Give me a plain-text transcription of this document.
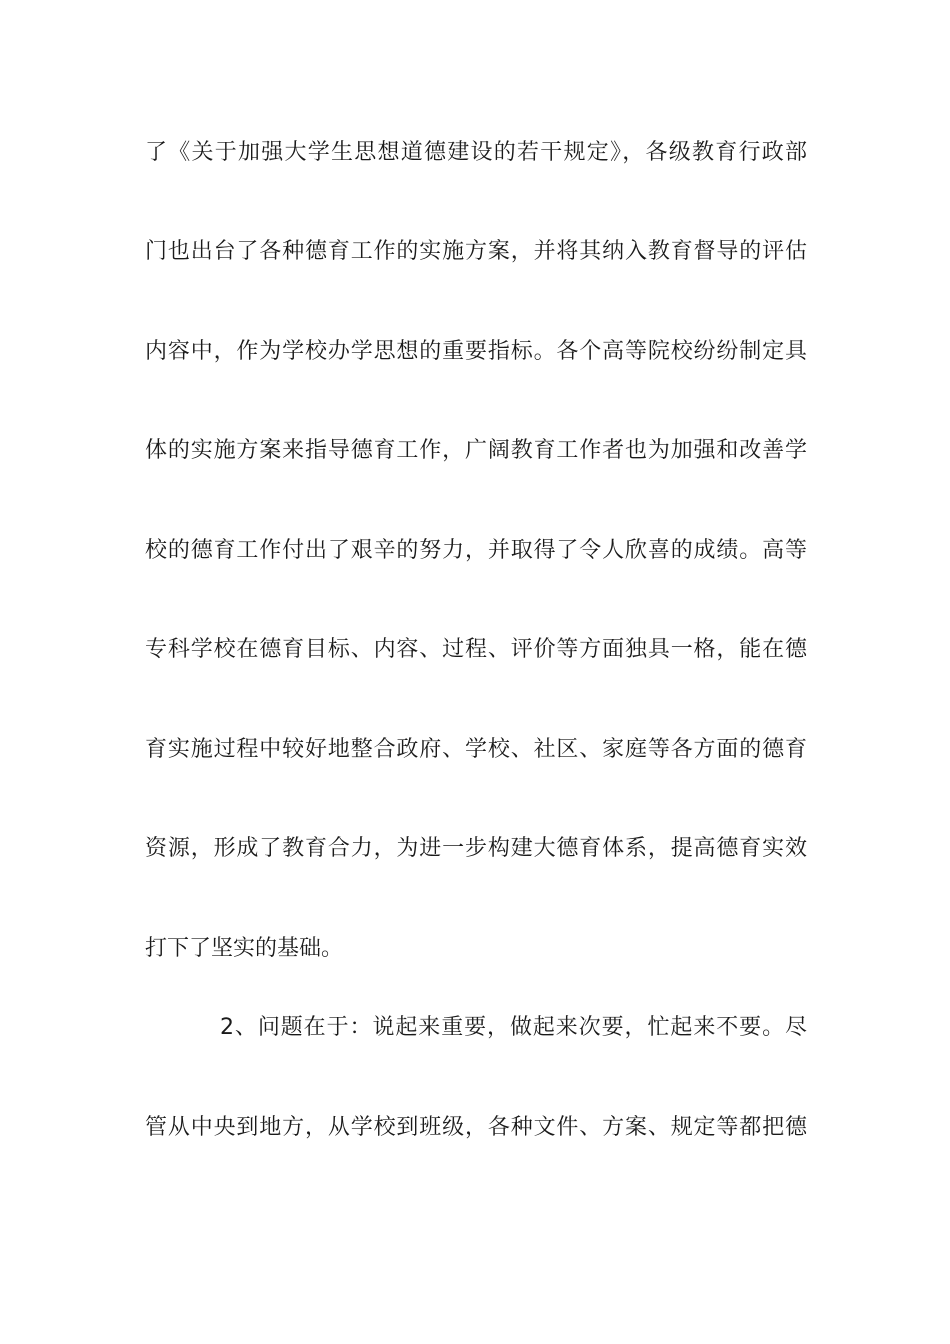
了《关于加强大学生思想道德建设的若干规定》，各级教育行政部
门也出台了各种德育工作的实施方案，并将其纳入教育督导的评估
内容中，作为学校办学思想的重要指标。各个高等院校纷纷制定具
体的实施方案来指导德育工作，广阔教育工作者也为加强和改善学
校的德育工作付出了艰辛的努力，并取得了令人欣喜的成绩。高等
专科学校在德育目标、内容、过程、评价等方面独具一格，能在德
育实施过程中较好地整合政府、学校、社区、家庭等各方面的德育
资源，形成了教育合力，为进一步构建大德育体系，提高德育实效
打下了坚实的基础。
2、问题在于：说起来重要，做起来次要，忙起来不要。尽
管从中央到地方，从学校到班级，各种文件、方案、规定等都把德
